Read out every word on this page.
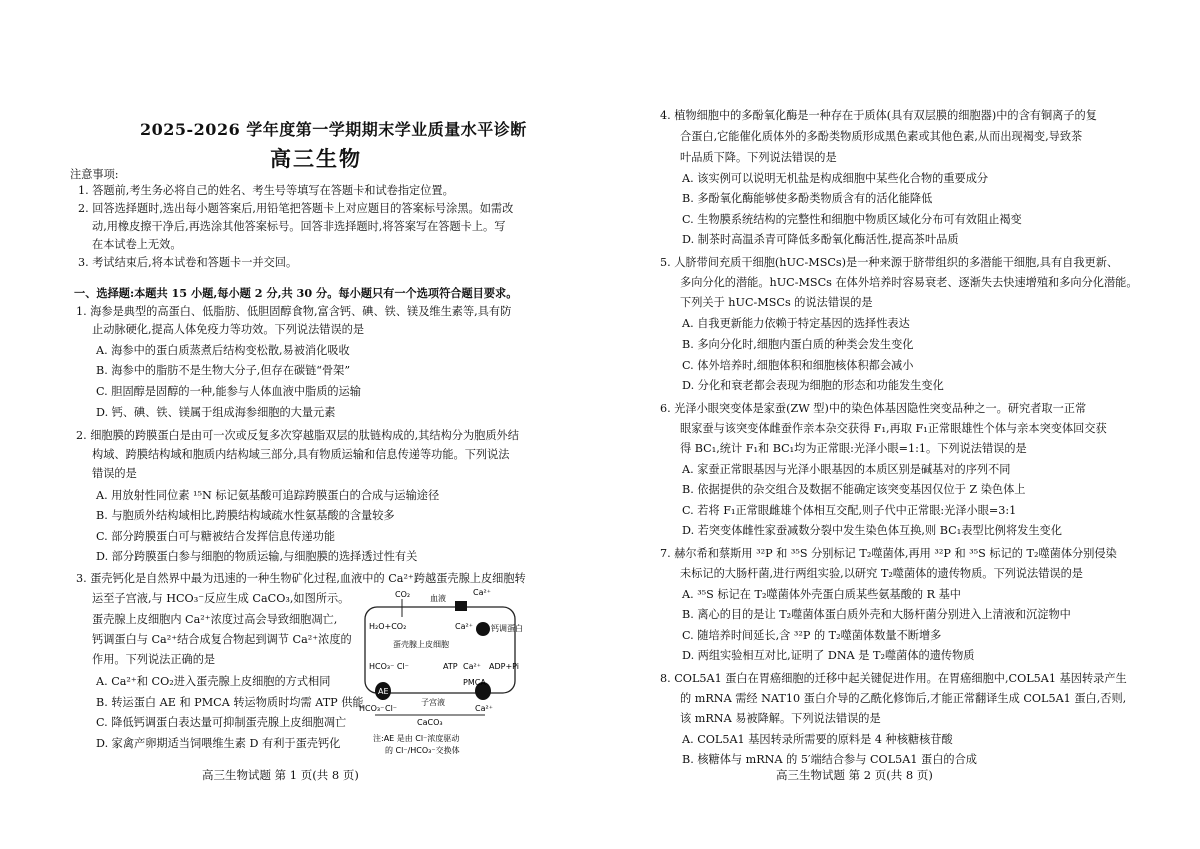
2025-2026 学年度第一学期期末学业质量水平诊断
高三生物
注意事项:
1. 答题前,考生务必将自己的姓名、考生号等填写在答题卡和试卷指定位置。
2. 回答选择题时,选出每小题答案后,用铅笔把答题卡上对应题目的答案标号涂黑。如需改
动,用橡皮擦干净后,再选涂其他答案标号。回答非选择题时,将答案写在答题卡上。写
在本试卷上无效。
3. 考试结束后,将本试卷和答题卡一并交回。
一、选择题:本题共 15 小题,每小题 2 分,共 30 分。每小题只有一个选项符合题目要求。
1. 海参是典型的高蛋白、低脂肪、低胆固醇食物,富含钙、碘、铁、镁及维生素等,具有防
止动脉硬化,提高人体免疫力等功效。下列说法错误的是
A. 海参中的蛋白质蒸煮后结构变松散,易被消化吸收
B. 海参中的脂肪不是生物大分子,但存在碳链“骨架”
C. 胆固醇是固醇的一种,能参与人体血液中脂质的运输
D. 钙、碘、铁、镁属于组成海参细胞的大量元素
2. 细胞膜的跨膜蛋白是由可一次或反复多次穿越脂双层的肽链构成的,其结构分为胞质外结
构域、跨膜结构域和胞质内结构域三部分,具有物质运输和信息传递等功能。下列说法
错误的是
A. 用放射性同位素 ¹⁵N 标记氨基酸可追踪跨膜蛋白的合成与运输途径
B. 与胞质外结构域相比,跨膜结构域疏水性氨基酸的含量较多
C. 部分跨膜蛋白可与糖被结合发挥信息传递功能
D. 部分跨膜蛋白参与细胞的物质运输,与细胞膜的选择透过性有关
3. 蛋壳钙化是自然界中最为迅速的一种生物矿化过程,血液中的 Ca²⁺跨越蛋壳腺上皮细胞转
运至子宫液,与 HCO₃⁻反应生成 CaCO₃,如图所示。
蛋壳腺上皮细胞内 Ca²⁺浓度过高会导致细胞凋亡,
钙调蛋白与 Ca²⁺结合成复合物起到调节 Ca²⁺浓度的
作用。下列说法正确的是
A. Ca²⁺和 CO₂进入蛋壳腺上皮细胞的方式相同
B. 转运蛋白 AE 和 PMCA 转运物质时均需 ATP 供能
C. 降低钙调蛋白表达量可抑制蛋壳腺上皮细胞凋亡
D. 家禽产卵期适当饲喂维生素 D 有利于蛋壳钙化
CO₂ 血液
Ca²⁺
H₂O+CO₂	Ca²⁺ 钙调蛋白
蛋壳腺上皮细胞
HCO₃⁻ Cl⁻	ATP Ca²⁺ ADP+Pi
AE
子宫液
PMCA
HCO₃⁻ Cl⁻	Ca²⁺
CaCO₃
注:AE 是由 Cl⁻浓度驱动
的 Cl⁻/HCO₃⁻交换体
4. 植物细胞中的多酚氧化酶是一种存在于质体(具有双层膜的细胞器)中的含有铜离子的复
合蛋白,它能催化质体外的多酚类物质形成黑色素或其他色素,从而出现褐变,导致茶
叶品质下降。下列说法错误的是
A. 该实例可以说明无机盐是构成细胞中某些化合物的重要成分
B. 多酚氧化酶能够使多酚类物质含有的活化能降低
C. 生物膜系统结构的完整性和细胞中物质区域化分布可有效阻止褐变
D. 制茶时高温杀青可降低多酚氧化酶活性,提高茶叶品质
5. 人脐带间充质干细胞(hUC-MSCs)是一种来源于脐带组织的多潜能干细胞,具有自我更新、
多向分化的潜能。hUC-MSCs 在体外培养时容易衰老、逐渐失去快速增殖和多向分化潜能。
下列关于 hUC-MSCs 的说法错误的是
A. 自我更新能力依赖于特定基因的选择性表达
B. 多向分化时,细胞内蛋白质的种类会发生变化
C. 体外培养时,细胞体积和细胞核体积都会减小
D. 分化和衰老都会表现为细胞的形态和功能发生变化
6. 光泽小眼突变体是家蚕(ZW 型)中的染色体基因隐性突变品种之一。研究者取一正常
眼家蚕与该突变体雌蚕作亲本杂交获得 F₁,再取 F₁正常眼雄性个体与亲本突变体回交获
得 BC₁,统计 F₁和 BC₁均为正常眼:光泽小眼=1:1。下列说法错误的是
A. 家蚕正常眼基因与光泽小眼基因的本质区别是碱基对的序列不同
B. 依据提供的杂交组合及数据不能确定该突变基因仅位于 Z 染色体上
C. 若将 F₁正常眼雌雄个体相互交配,则子代中正常眼:光泽小眼=3:1
D. 若突变体雌性家蚕减数分裂中发生染色体互换,则 BC₁表型比例将发生变化
7. 赫尔希和蔡斯用 ³²P 和 ³⁵S 分别标记 T₂噬菌体,再用 ³²P 和 ³⁵S 标记的 T₂噬菌体分别侵染
未标记的大肠杆菌,进行两组实验,以研究 T₂噬菌体的遗传物质。下列说法错误的是
A. ³⁵S 标记在 T₂噬菌体外壳蛋白质某些氨基酸的 R 基中
B. 离心的目的是让 T₂噬菌体蛋白质外壳和大肠杆菌分别进入上清液和沉淀物中
C. 随培养时间延长,含 ³²P 的 T₂噬菌体数量不断增多
D. 两组实验相互对比,证明了 DNA 是 T₂噬菌体的遗传物质
8. COL5A1 蛋白在胃癌细胞的迁移中起关键促进作用。在胃癌细胞中,COL5A1 基因转录产生
的 mRNA 需经 NAT10 蛋白介导的乙酰化修饰后,才能正常翻译生成 COL5A1 蛋白,否则,
该 mRNA 易被降解。下列说法错误的是
A. COL5A1 基因转录所需要的原料是 4 种核糖核苷酸
B. 核糖体与 mRNA 的 5′端结合参与 COL5A1 蛋白的合成
高三生物试题 第 1 页(共 8 页)	高三生物试题 第 2 页(共 8 页)
